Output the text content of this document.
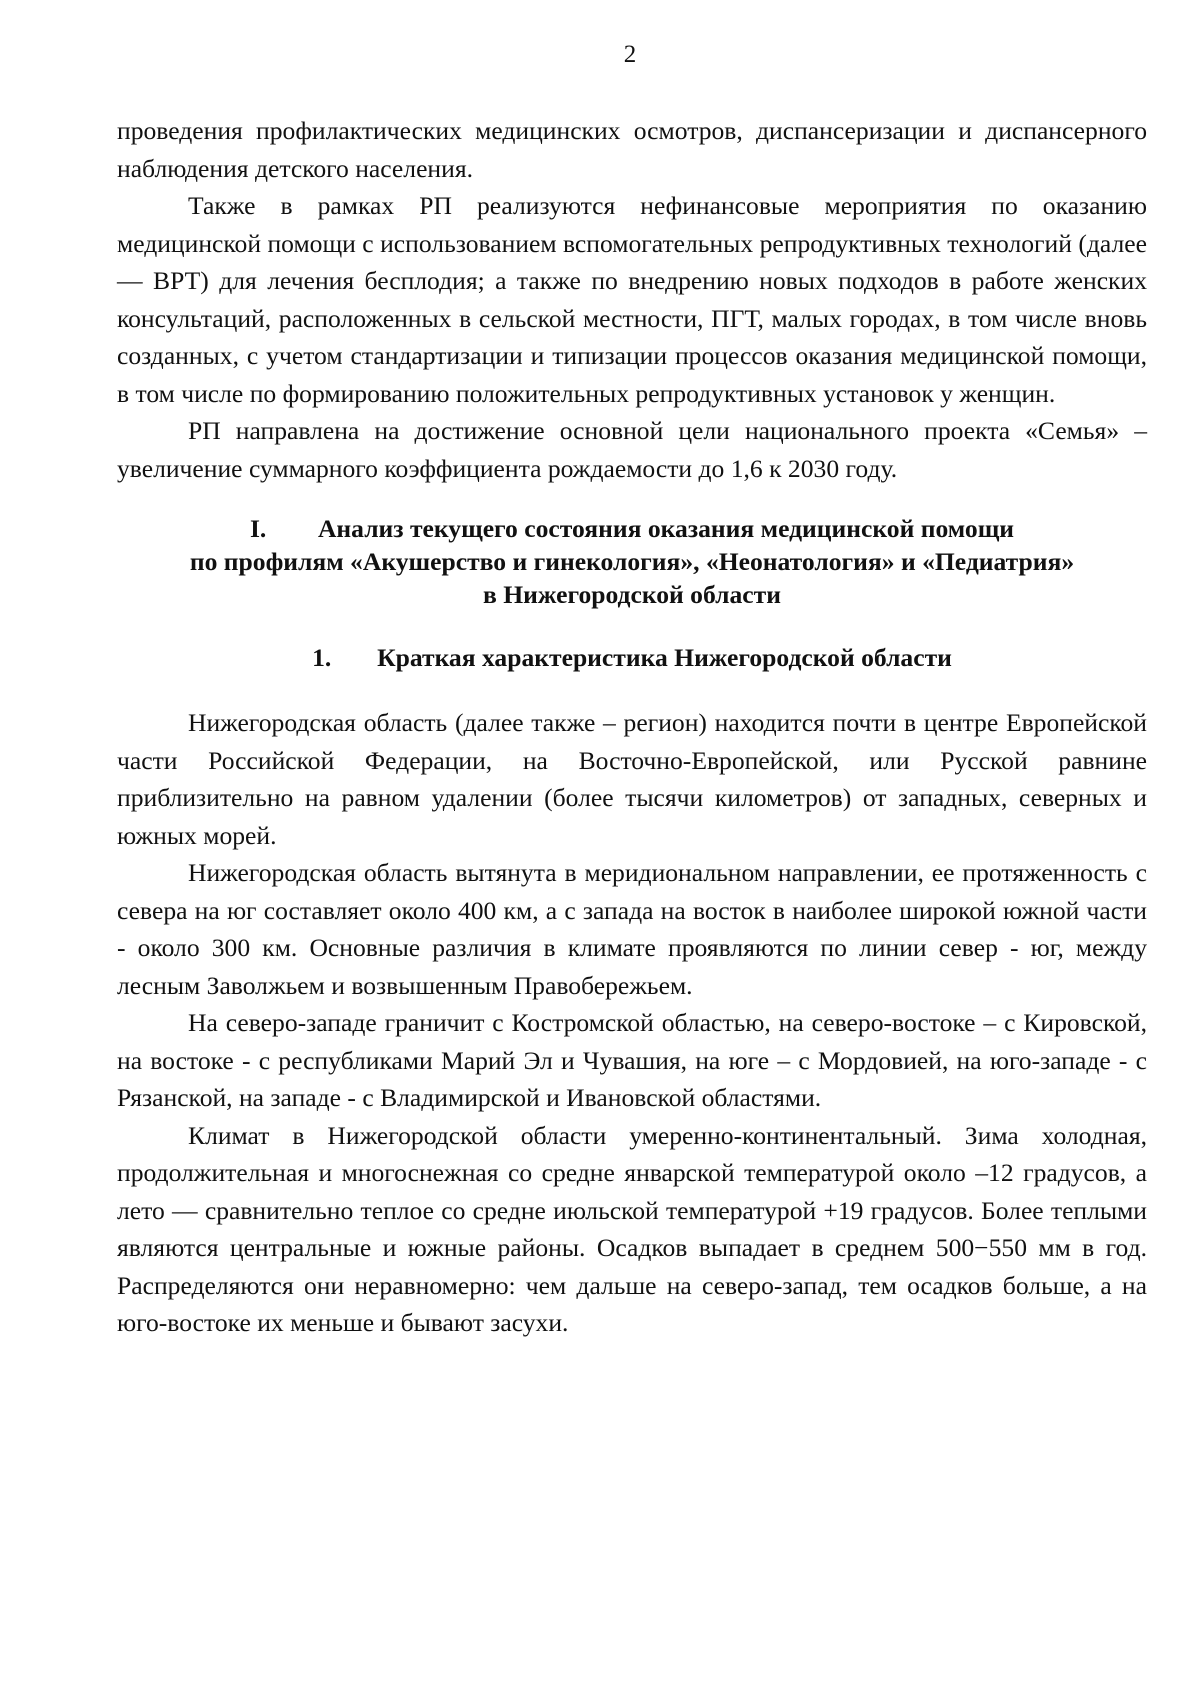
2

проведения профилактических медицинских осмотров, диспансеризации и диспансерного наблюдения детского населения.

Также в рамках РП реализуются нефинансовые мероприятия по оказанию медицинской помощи с использованием вспомогательных репродуктивных технологий (далее — ВРТ) для лечения бесплодия; а также по внедрению новых подходов в работе женских консультаций, расположенных в сельской местности, ПГТ, малых городах, в том числе вновь созданных, с учетом стандартизации и типизации процессов оказания медицинской помощи, в том числе по формированию положительных репродуктивных установок у женщин.

РП направлена на достижение основной цели национального проекта «Семья» – увеличение суммарного коэффициента рождаемости до 1,6 к 2030 году.

I. Анализ текущего состояния оказания медицинской помощи
по профилям «Акушерство и гинекология», «Неонатология» и «Педиатрия»
в Нижегородской области
1. Краткая характеристика Нижегородской области

Нижегородская область (далее также – регион) находится почти в центре Европейской части Российской Федерации, на Восточно-Европейской, или Русской равнине приблизительно на равном удалении (более тысячи километров) от западных, северных и южных морей.

Нижегородская область вытянута в меридиональном направлении, ее протяженность с севера на юг составляет около 400 км, а с запада на восток в наиболее широкой южной части - около 300 км. Основные различия в климате проявляются по линии север - юг, между лесным Заволжьем и возвышенным Правобережьем.

На северо-западе граничит с Костромской областью, на северо-востоке – с Кировской, на востоке - с республиками Марий Эл и Чувашия, на юге – с Мордовией, на юго-западе - с Рязанской, на западе - с Владимирской и Ивановской областями.

Климат в Нижегородской области умеренно-континентальный. Зима холодная, продолжительная и многоснежная со средне январской температурой около –12 градусов, а лето — сравнительно теплое со средне июльской температурой +19 градусов. Более теплыми являются центральные и южные районы. Осадков выпадает в среднем 500−550 мм в год. Распределяются они неравномерно: чем дальше на северо-запад, тем осадков больше, а на юго-востоке их меньше и бывают засухи.
